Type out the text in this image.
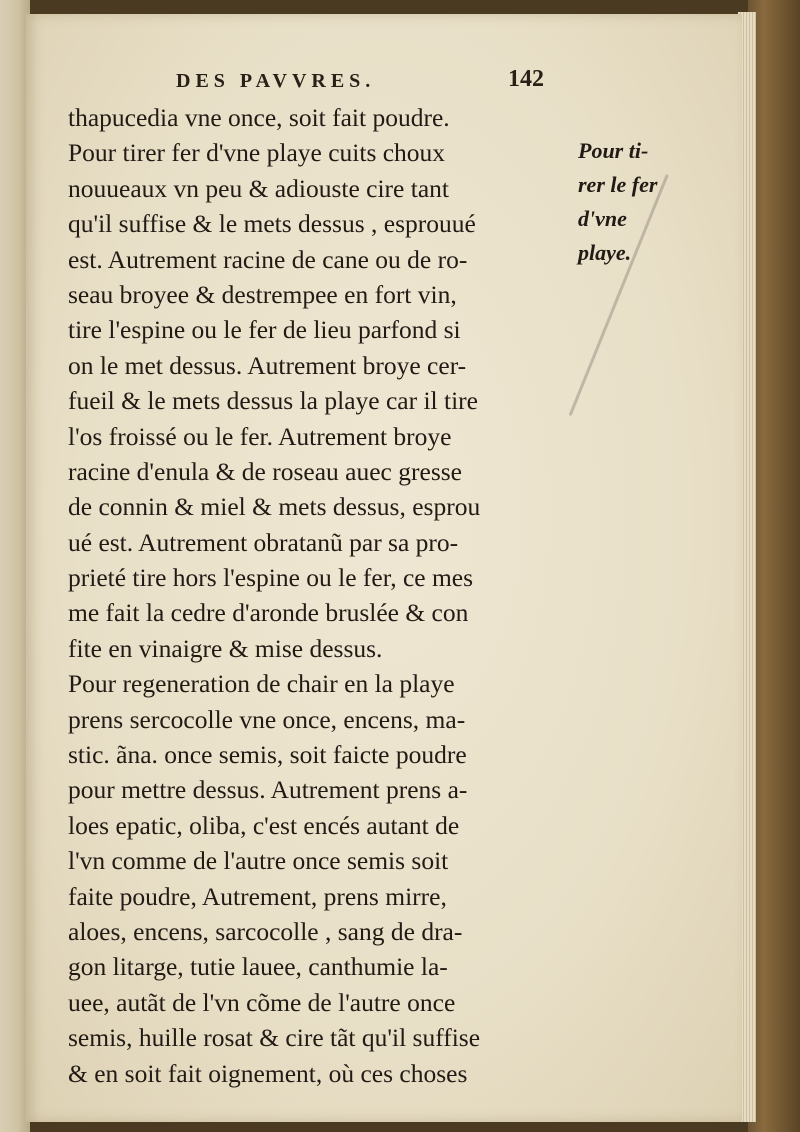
DES PAVVRES.	142
thapucedia vne once, soit fait poudre.
Pour tirer fer d'vne playe cuits choux
nouueaux vn peu & adiouste cire tant
qu'il suffise & le mets dessus , esprouué
est. Autrement racine de cane ou de ro-
seau broyee & destrempee en fort vin,
tire l'espine ou le fer de lieu parfond si
on le met dessus. Autrement broye cer-
fueil & le mets dessus la playe car il tire
l'os froissé ou le fer. Autrement broye
racine d'enula & de roseau auec gresse
de connin & miel & mets dessus, esprou
ué est. Autrement obratanũ par sa pro-
prieté tire hors l'espine ou le fer, ce mes
me fait la cedre d'aronde bruslée & con
fite en vinaigre & mise dessus.
Pour regeneration de chair en la playe
prens sercocolle vne once, encens, ma-
stic. ãna. once semis, soit faicte poudre
pour mettre dessus. Autrement prens a-
loes epatic, oliba, c'est encés autant de
l'vn comme de l'autre once semis soit
faite poudre, Autrement, prens mirre,
aloes, encens, sarcocolle , sang de dra-
gon litarge, tutie lauee, canthumie la-
uee, autãt de l'vn cõme de l'autre once
semis, huille rosat & cire tãt qu'il suffise
& en soit fait oignement, où ces choses
Pour ti-
rer le fer
d'vne
playe.
